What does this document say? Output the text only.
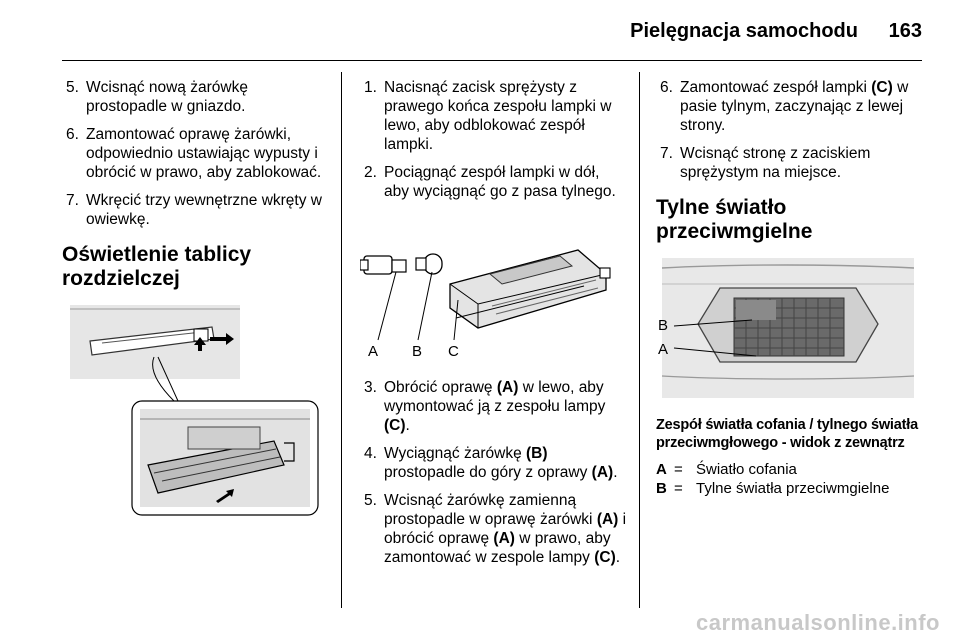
Pielęgnacja samochodu 163
5. Wcisnąć nową żarówkę prostopadle w gniazdo.
6. Zamontować oprawę żarówki, odpowiednio ustawiając wypusty i obrócić w prawo, aby zablokować.
7. Wkręcić trzy wewnętrzne wkręty w owiewkę.
Oświetlenie tablicy
rozdzielczej
1. Nacisnąć zacisk sprężysty z prawego końca zespołu lampki w lewo, aby odblokować zespół lampki.
2. Pociągnąć zespół lampki w dół, aby wyciągnąć go z pasa tylnego.
A B C
3. Obrócić oprawę (A) w lewo, aby wymontować ją z zespołu lampy (C).
4. Wyciągnąć żarówkę (B) prostopadle do góry z oprawy (A).
5. Wcisnąć żarówkę zamienną prostopadle w oprawę żarówki (A) i obrócić oprawę (A) w prawo, aby zamontować w zespole lampy (C).
6. Zamontować zespół lampki (C) w pasie tylnym, zaczynając z lewej strony.
7. Wcisnąć stronę z zaciskiem sprężystym na miejsce.
Tylne światło
przeciwmgielne
B
A
Zespół światła cofania / tylnego światła przeciwmgłowego - widok z zewnątrz
A = Światło cofania
B = Tylne światła przeciwmgielne
carmanualsonline.info
